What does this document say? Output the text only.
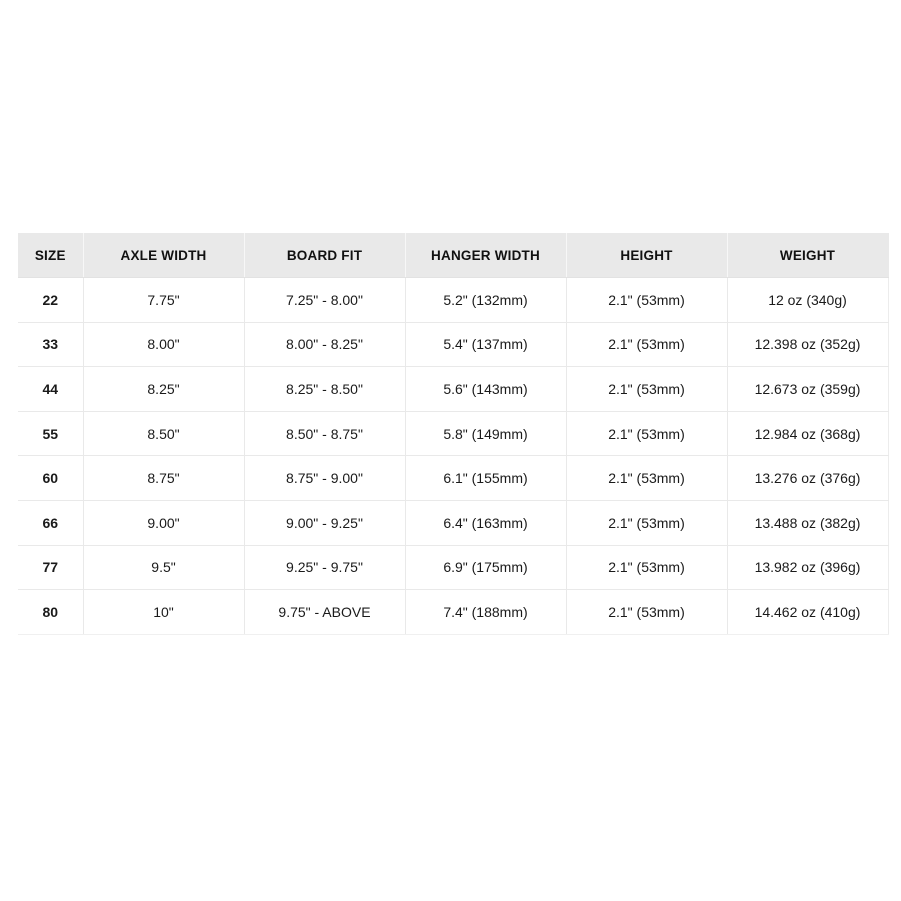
SIZE	AXLE WIDTH	BOARD FIT	HANGER WIDTH	HEIGHT	WEIGHT
22	7.75"	7.25" - 8.00"	5.2" (132mm)	2.1" (53mm)	12 oz (340g)
33	8.00"	8.00" - 8.25"	5.4" (137mm)	2.1" (53mm)	12.398 oz (352g)
44	8.25"	8.25" - 8.50"	5.6" (143mm)	2.1" (53mm)	12.673 oz (359g)
55	8.50"	8.50" - 8.75"	5.8" (149mm)	2.1" (53mm)	12.984 oz (368g)
60	8.75"	8.75" - 9.00"	6.1" (155mm)	2.1" (53mm)	13.276 oz (376g)
66	9.00"	9.00" - 9.25"	6.4" (163mm)	2.1" (53mm)	13.488 oz (382g)
77	9.5"	9.25" - 9.75"	6.9" (175mm)	2.1" (53mm)	13.982 oz (396g)
80	10"	9.75" - ABOVE	7.4" (188mm)	2.1" (53mm)	14.462 oz (410g)
